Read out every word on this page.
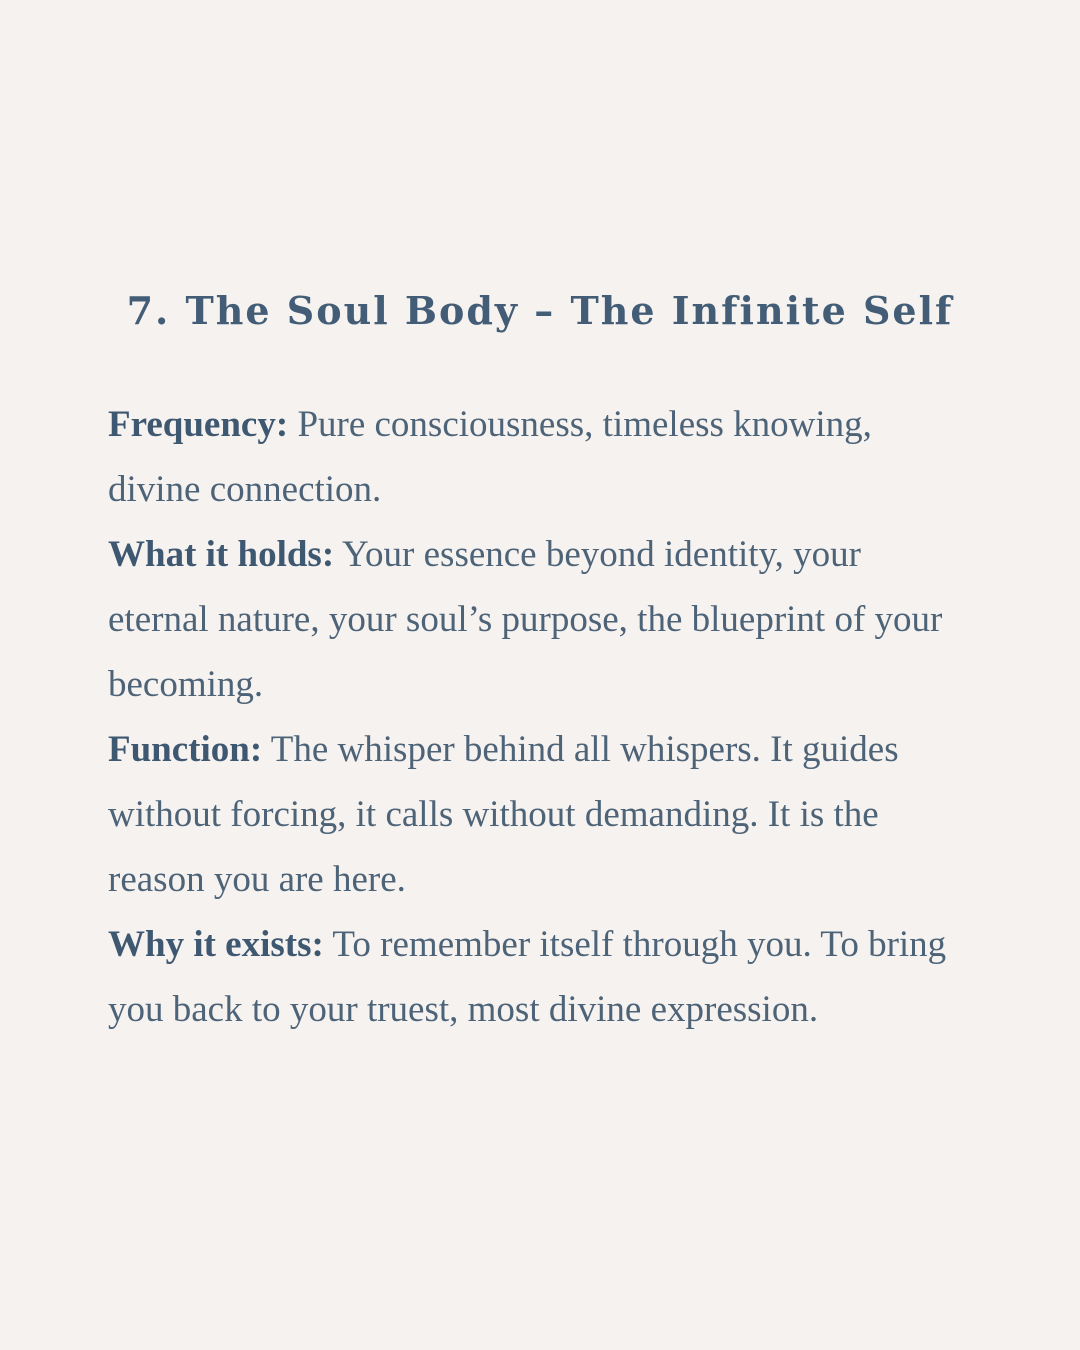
7. The Soul Body – The Infinite Self

Frequency: Pure consciousness, timeless knowing, divine connection.

What it holds: Your essence beyond identity, your eternal nature, your soul’s purpose, the blueprint of your becoming.

Function: The whisper behind all whispers. It guides without forcing, it calls without demanding. It is the reason you are here.

Why it exists: To remember itself through you. To bring you back to your truest, most divine expression.
